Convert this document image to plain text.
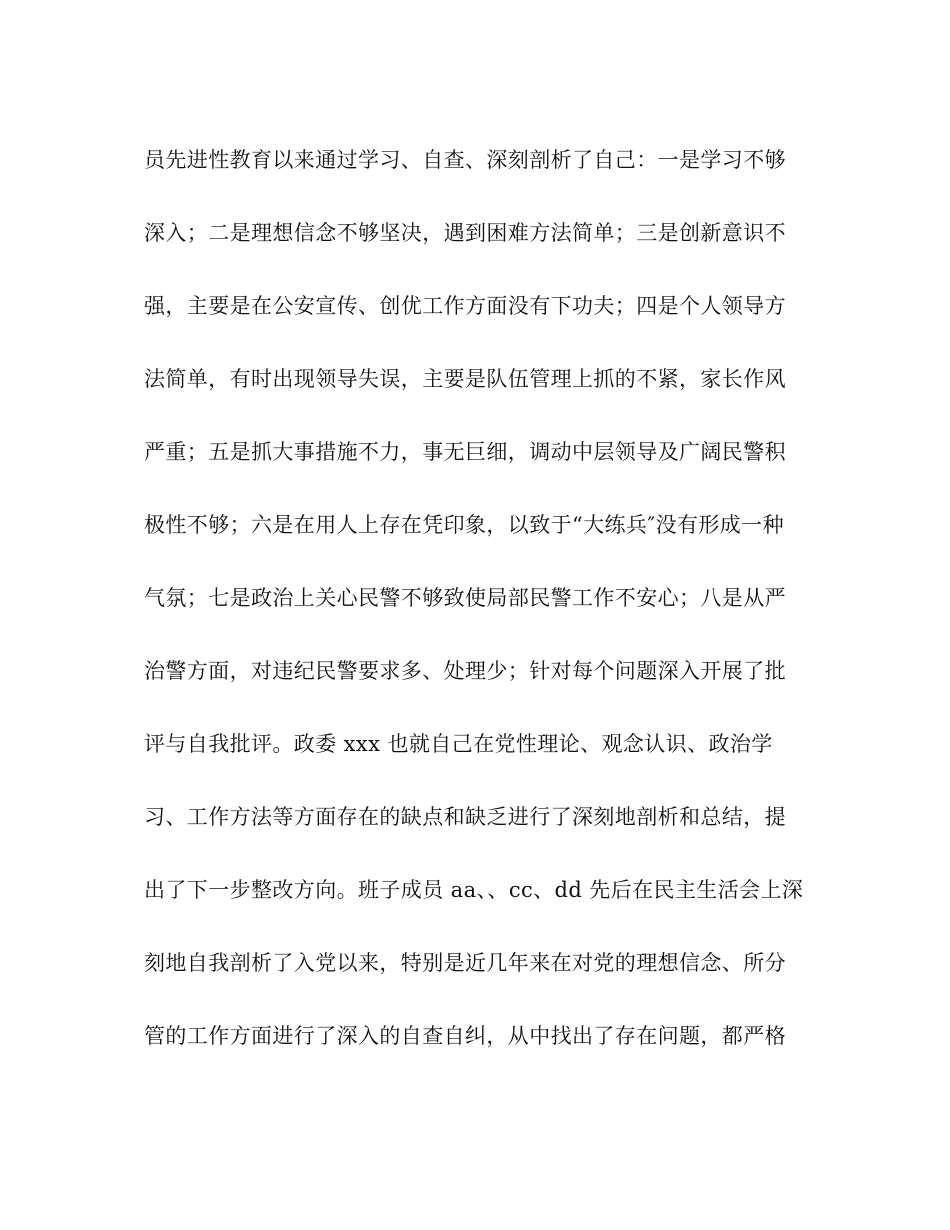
员先进性教育以来通过学习、自查、深刻剖析了自己：一是学习不够
深入；二是理想信念不够坚决，遇到困难方法简单；三是创新意识不
强，主要是在公安宣传、创优工作方面没有下功夫；四是个人领导方
法简单，有时出现领导失误，主要是队伍管理上抓的不紧，家长作风
严重；五是抓大事措施不力，事无巨细，调动中层领导及广阔民警积
极性不够；六是在用人上存在凭印象，以致于“大练兵″没有形成一种
气氛；七是政治上关心民警不够致使局部民警工作不安心；八是从严
治警方面，对违纪民警要求多、处理少；针对每个问题深入开展了批
评与自我批评。政委 xxx 也就自己在党性理论、观念认识、政治学
习、工作方法等方面存在的缺点和缺乏进行了深刻地剖析和总结，提
出了下一步整改方向。班子成员 aa、、cc、dd 先后在民主生活会上深
刻地自我剖析了入党以来，特别是近几年来在对党的理想信念、所分
管的工作方面进行了深入的自查自纠，从中找出了存在问题，都严格
